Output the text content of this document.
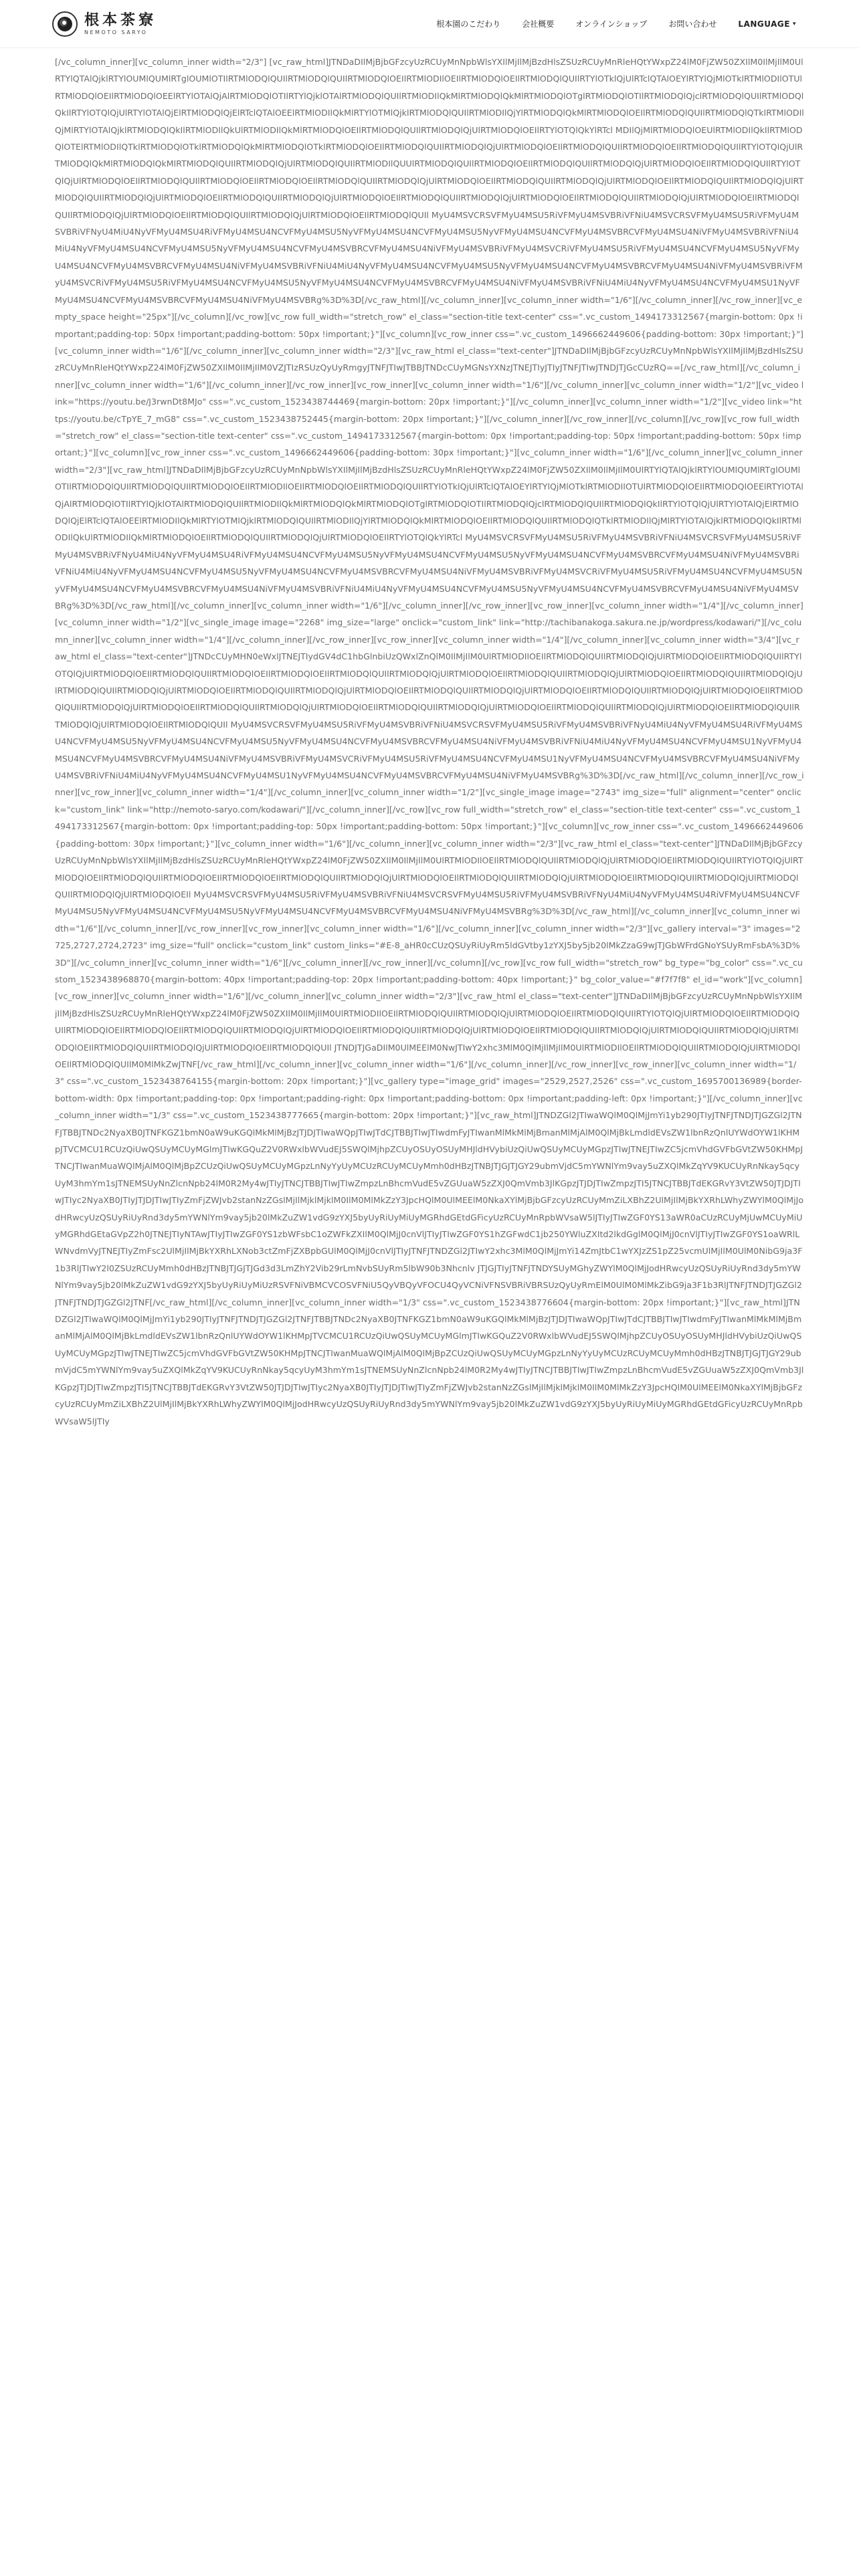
根本茶寮
NEMOTO SARYO
根本園のこだわり	会社概要	オンラインショップ	お問い合わせ	LANGUAGE ▾
[/vc_column_inner][vc_column_inner width="2/3"] [vc_raw_html]JTNDaDIlMjBjbGFzcyUzRCUyMnNpbWlsYXIlMjIlMjBzdHlsZSUzRCUyMnRleHQtYWxpZ24lM0FjZW50ZXIlM0IlMjIlM0UlRTYlQTAlQjklRTYlOUMlQUMlRTglOUMlOTIlRTMlODQlQUIlRTMlODQlQUIlRTMlODQlOEIlRTMlODIlOEIlRTMlODQlOEIlRTMlODQlQUIlRTYlOTklQjUlRTclQTAlOEYlRTYlQjMlOTklRTMlODIlOTUlRTMlODQlOEIlRTMlODQlOEElRTYlOTAlQjAlRTMlODQlOTIlRTYlQjklOTAlRTMlODQlQUIlRTMlODIlQkMlRTMlODQlQkMlRTMlODQlOTglRTMlODQlOTIlRTMlODQlQjclRTMlODQlQUIlRTMlODQlQkIlRTYlOTQlQjUlRTYlOTAlQjElRTMlODQlQjElRTclQTAlOEElRTMlODIlQkMlRTYlOTMlQjklRTMlODQlQUIlRTMlODIlQjYlRTMlODQlQkMlRTMlODQlOEIlRTMlODQlQUIlRTMlODQlQTklRTMlODIlQjMlRTYlOTAlQjklRTMlODQlQkIlRTMlODIlQkUlRTMlODIlQkMlRTMlODQlOEIlRTMlODQlQUIlRTMlODQlQjUlRTMlODQlOEIlRTYlOTQlQkYlRTcl MDIlQjMlRTMlODQlOEUlRTMlODIlQkIlRTMlODQlOTElRTMlODIlQTklRTMlODQlOTklRTMlODQlQkMlRTMlODQlOTklRTMlODQlOEIlRTMlODQlQUIlRTMlODQlQjUlRTMlODQlOEIlRTMlODQlQUIlRTMlODQlOEIlRTMlODQlQUIlRTYlOTQlQjUlRTMlODQlQkMlRTMlODQlQkMlRTMlODQlQUIlRTMlODQlQjUlRTMlODQlQUIlRTMlODIlQUUlRTMlODQlQUIlRTMlODQlOEIlRTMlODQlQUIlRTMlODQlQjUlRTMlODQlOEIlRTMlODQlQUIlRTYlOTQlQjUlRTMlODQlOEIlRTMlODQlQUIlRTMlODQlOEIlRTMlODQlOEIlRTMlODQlQUIlRTMlODQlQjUlRTMlODQlOEIlRTMlODQlQUIlRTMlODQlQjUlRTMlODQlOEIlRTMlODQlQUIlRTMlODQlQjUlRTMlODQlQUIlRTMlODQlQjUlRTMlODQlOEIlRTMlODQlQUIlRTMlODQlQjUlRTMlODQlOEIlRTMlODQlQUIlRTMlODQlQjUlRTMlODQlOEIlRTMlODQlQUIlRTMlODQlQjUlRTMlODQlOEIlRTMlODQlQUIlRTMlODQlQjUlRTMlODQlOEIlRTMlODQlQUIlRTMlODQlQjUlRTMlODQlOEIlRTMlODQlQUIl MyU4MSVCRSVFMyU4MSU5RiVFMyU4MSVBRiVFNiU4MSVCRSVFMyU4MSU5RiVFMyU4MSVBRiVFNyU4MiU4NyVFMyU4MSU4RiVFMyU4MSU4NCVFMyU4MSU5NyVFMyU4MSU4NCVFMyU4MSU5NyVFMyU4MSU4NCVFMyU4MSVBRCVFMyU4MSU4NiVFMyU4MSVBRiVFNiU4MiU4NyVFMyU4MSU4NCVFMyU4MSU5NyVFMyU4MSU4NCVFMyU4MSVBRCVFMyU4MSU4NiVFMyU4MSVBRiVFMyU4MSVCRiVFMyU4MSU5RiVFMyU4MSU4NCVFMyU4MSU5NyVFMyU4MSU4NCVFMyU4MSVBRCVFMyU4MSU4NiVFMyU4MSVBRiVFNiU4MiU4NyVFMyU4MSU4NCVFMyU4MSU5NyVFMyU4MSU4NCVFMyU4MSVBRCVFMyU4MSU4NiVFMyU4MSVBRiVFMyU4MSVCRiVFMyU4MSU5RiVFMyU4MSU4NCVFMyU4MSU5NyVFMyU4MSU4NCVFMyU4MSVBRCVFMyU4MSU4NiVFMyU4MSVBRiVFNiU4MiU4NyVFMyU4MSU4NCVFMyU4MSU1NyVFMyU4MSU4NCVFMyU4MSVBRCVFMyU4MSU4NiVFMyU4MSVBRg%3D%3D[/vc_raw_html][/vc_column_inner][vc_column_inner width="1/6"][/vc_column_inner][/vc_row_inner][vc_empty_space height="25px"][/vc_column][/vc_row][vc_row full_width="stretch_row" el_class="section-title text-center" css=".vc_custom_1494173312567{margin-bottom: 0px !important;padding-top: 50px !important;padding-bottom: 50px !important;}"][vc_column][vc_row_inner css=".vc_custom_1496662449606{padding-bottom: 30px !important;}"][vc_column_inner width="1/6"][/vc_column_inner][vc_column_inner width="2/3"][vc_raw_html el_class="text-center"]JTNDaDIlMjBjbGFzcyUzRCUyMnNpbWlsYXIlMjIlMjBzdHlsZSUzRCUyMnRleHQtYWxpZ24lM0FjZW50ZXIlM0IlMjIlM0VZJTIzRSUzQyUyRmgyJTNFJTIwJTBBJTNDcCUyMGNsYXNzJTNEJTIyJTIyJTNFJTIwJTNDJTJGcCUzRQ==[/vc_raw_html][/vc_column_inner][vc_column_inner width="1/6"][/vc_column_inner][/vc_row_inner][vc_row_inner][vc_column_inner width="1/6"][/vc_column_inner][vc_column_inner width="1/2"][vc_video link="https://youtu.be/J3rwnDt8MJo" css=".vc_custom_1523438744469{margin-bottom: 20px !important;}"][/vc_column_inner][vc_column_inner width="1/2"][vc_video link="https://youtu.be/cTpYE_7_mG8" css=".vc_custom_1523438752445{margin-bottom: 20px !important;}"][/vc_column_inner][/vc_row_inner][/vc_column][/vc_row][vc_row full_width="stretch_row" el_class="section-title text-center" css=".vc_custom_1494173312567{margin-bottom: 0px !important;padding-top: 50px !important;padding-bottom: 50px !important;}"][vc_column][vc_row_inner css=".vc_custom_1496662449606{padding-bottom: 30px !important;}"][vc_column_inner width="1/6"][/vc_column_inner][vc_column_inner width="2/3"][vc_raw_html]JTNDaDIlMjBjbGFzcyUzRCUyMnNpbWlsYXIlMjIlMjBzdHlsZSUzRCUyMnRleHQtYWxpZ24lM0FjZW50ZXIlM0IlMjIlM0UlRTYlQTAlQjklRTYlOUMlQUMlRTglOUMlOTIlRTMlODQlQUIlRTMlODQlQUIlRTMlODQlOEIlRTMlODIlOEIlRTMlODQlOEIlRTMlODQlQUIlRTYlOTklQjUlRTclQTAlOEYlRTYlQjMlOTklRTMlODIlOTUlRTMlODQlOEIlRTMlODQlOEElRTYlOTAlQjAlRTMlODQlOTIlRTYlQjklOTAlRTMlODQlQUIlRTMlODIlQkMlRTMlODQlQkMlRTMlODQlOTglRTMlODQlOTIlRTMlODQlQjclRTMlODQlQUIlRTMlODQlQkIlRTYlOTQlQjUlRTYlOTAlQjElRTMlODQlQjElRTclQTAlOEElRTMlODIlQkMlRTYlOTMlQjklRTMlODQlQUIlRTMlODIlQjYlRTMlODQlQkMlRTMlODQlOEIlRTMlODQlQUIlRTMlODQlQTklRTMlODIlQjMlRTYlOTAlQjklRTMlODQlQkIlRTMlODIlQkUlRTMlODIlQkMlRTMlODQlOEIlRTMlODQlQUIlRTMlODQlQjUlRTMlODQlOEIlRTYlOTQlQkYlRTcl MyU4MSVCRSVFMyU4MSU5RiVFMyU4MSVBRiVFNiU4MSVCRSVFMyU4MSU5RiVFMyU4MSVBRiVFNyU4MiU4NyVFMyU4MSU4RiVFMyU4MSU4NCVFMyU4MSU5NyVFMyU4MSU4NCVFMyU4MSU5NyVFMyU4MSU4NCVFMyU4MSVBRCVFMyU4MSU4NiVFMyU4MSVBRiVFNiU4MiU4NyVFMyU4MSU4NCVFMyU4MSU5NyVFMyU4MSU4NCVFMyU4MSVBRCVFMyU4MSU4NiVFMyU4MSVBRiVFMyU4MSVCRiVFMyU4MSU5RiVFMyU4MSU4NCVFMyU4MSU5NyVFMyU4MSU4NCVFMyU4MSVBRCVFMyU4MSU4NiVFMyU4MSVBRiVFNiU4MiU4NyVFMyU4MSU4NCVFMyU4MSU5NyVFMyU4MSU4NCVFMyU4MSVBRCVFMyU4MSU4NiVFMyU4MSVBRg%3D%3D[/vc_raw_html][/vc_column_inner][vc_column_inner width="1/6"][/vc_column_inner][/vc_row_inner][vc_row_inner][vc_column_inner width="1/4"][/vc_column_inner][vc_column_inner width="1/2"][vc_single_image image="2268" img_size="large" onclick="custom_link" link="http://tachibanakoga.sakura.ne.jp/wordpress/kodawari/"][/vc_column_inner][vc_column_inner width="1/4"][/vc_column_inner][/vc_row_inner][vc_row_inner][vc_column_inner width="1/4"][/vc_column_inner][vc_column_inner width="3/4"][vc_raw_html el_class="text-center"]JTNDcCUyMHN0eWxlJTNEJTIydGV4dC1hbGlnbiUzQWxlZnQlM0IlMjIlM0UlRTMlODIlOEIlRTMlODQlQUIlRTMlODQlQjUlRTMlODQlOEIlRTMlODQlQUIlRTYlOTQlQjUlRTMlODQlOEIlRTMlODQlQUIlRTMlODQlOEIlRTMlODQlOEIlRTMlODQlQUIlRTMlODQlQjUlRTMlODQlOEIlRTMlODQlQUIlRTMlODQlQjUlRTMlODQlOEIlRTMlODQlQUIlRTMlODQlQjUlRTMlODQlQUIlRTMlODQlQjUlRTMlODQlOEIlRTMlODQlQUIlRTMlODQlQjUlRTMlODQlOEIlRTMlODQlQUIlRTMlODQlQjUlRTMlODQlOEIlRTMlODQlQUIlRTMlODQlQjUlRTMlODQlOEIlRTMlODQlQUIlRTMlODQlQjUlRTMlODQlOEIlRTMlODQlQUIlRTMlODQlQjUlRTMlODQlOEIlRTMlODQlQUIlRTMlODQlQjUlRTMlODQlOEIlRTMlODQlQUIlRTMlODQlQjUlRTMlODQlOEIlRTMlODQlQUIlRTMlODQlQjUlRTMlODQlOEIlRTMlODQlQUIl MyU4MSVCRSVFMyU4MSU5RiVFMyU4MSVBRiVFNiU4MSVCRSVFMyU4MSU5RiVFMyU4MSVBRiVFNyU4MiU4NyVFMyU4MSU4RiVFMyU4MSU4NCVFMyU4MSU5NyVFMyU4MSU4NCVFMyU4MSU5NyVFMyU4MSU4NCVFMyU4MSVBRCVFMyU4MSU4NiVFMyU4MSVBRiVFNiU4MiU4NyVFMyU4MSU4NCVFMyU4MSU1NyVFMyU4MSU4NCVFMyU4MSVBRCVFMyU4MSU4NiVFMyU4MSVBRiVFMyU4MSVCRiVFMyU4MSU5RiVFMyU4MSU4NCVFMyU4MSU1NyVFMyU4MSU4NCVFMyU4MSVBRCVFMyU4MSU4NiVFMyU4MSVBRiVFNiU4MiU4NyVFMyU4MSU4NCVFMyU4MSU1NyVFMyU4MSU4NCVFMyU4MSVBRCVFMyU4MSU4NiVFMyU4MSVBRg%3D%3D[/vc_raw_html][/vc_column_inner][/vc_row_inner][vc_row_inner][vc_column_inner width="1/4"][/vc_column_inner][vc_column_inner width="1/2"][vc_single_image image="2743" img_size="full" alignment="center" onclick="custom_link" link="http://nemoto-saryo.com/kodawari/"][/vc_column_inner][/vc_row][vc_row full_width="stretch_row" el_class="section-title text-center" css=".vc_custom_1494173312567{margin-bottom: 0px !important;padding-top: 50px !important;padding-bottom: 50px !important;}"][vc_column][vc_row_inner css=".vc_custom_1496662449606{padding-bottom: 30px !important;}"][vc_column_inner width="1/6"][/vc_column_inner][vc_column_inner width="2/3"][vc_raw_html el_class="text-center"]JTNDaDIlMjBjbGFzcyUzRCUyMnNpbWlsYXIlMjIlMjBzdHlsZSUzRCUyMnRleHQtYWxpZ24lM0FjZW50ZXIlM0IlMjIlM0UlRTMlODIlOEIlRTMlODQlQUIlRTMlODQlQjUlRTMlODQlOEIlRTMlODQlQUIlRTYlOTQlQjUlRTMlODQlOEIlRTMlODQlQUIlRTMlODQlOEIlRTMlODQlOEIlRTMlODQlQUIlRTMlODQlQjUlRTMlODQlOEIlRTMlODQlQUIlRTMlODQlQjUlRTMlODQlOEIlRTMlODQlQUIlRTMlODQlQjUlRTMlODQlQUIlRTMlODQlQjUlRTMlODQlOEIl MyU4MSVCRSVFMyU4MSU5RiVFMyU4MSVBRiVFNiU4MSVCRSVFMyU4MSU5RiVFMyU4MSVBRiVFNyU4MiU4NyVFMyU4MSU4RiVFMyU4MSU4NCVFMyU4MSU5NyVFMyU4MSU4NCVFMyU4MSU5NyVFMyU4MSU4NCVFMyU4MSVBRCVFMyU4MSU4NiVFMyU4MSVBRg%3D%3D[/vc_raw_html][/vc_column_inner][vc_column_inner width="1/6"][/vc_column_inner][/vc_row_inner][vc_row_inner][vc_column_inner width="1/6"][/vc_column_inner][vc_column_inner width="2/3"][vc_gallery interval="3" images="2725,2727,2724,2723" img_size="full" onclick="custom_link" custom_links="#E-8_aHR0cCUzQSUyRiUyRm5ldGVtby1zYXJ5by5jb20lMkZzaG9wJTJGbWFrdGNoYSUyRmFsbA%3D%3D"][/vc_column_inner][vc_column_inner width="1/6"][/vc_column_inner][/vc_row_inner][/vc_column][/vc_row][vc_row full_width="stretch_row" bg_type="bg_color" css=".vc_custom_1523438968870{margin-bottom: 40px !important;padding-top: 20px !important;padding-bottom: 40px !important;}" bg_color_value="#f7f7f8" el_id="work"][vc_column][vc_row_inner][vc_column_inner width="1/6"][/vc_column_inner][vc_column_inner width="2/3"][vc_raw_html el_class="text-center"]JTNDaDIlMjBjbGFzcyUzRCUyMnNpbWlsYXIlMjIlMjBzdHlsZSUzRCUyMnRleHQtYWxpZ24lM0FjZW50ZXIlM0IlMjIlM0UlRTMlODIlOEIlRTMlODQlQUIlRTMlODQlQjUlRTMlODQlOEIlRTMlODQlQUIlRTYlOTQlQjUlRTMlODQlOEIlRTMlODQlQUIlRTMlODQlOEIlRTMlODQlOEIlRTMlODQlQUIlRTMlODQlQjUlRTMlODQlOEIlRTMlODQlQUIlRTMlODQlQjUlRTMlODQlOEIlRTMlODQlQUIlRTMlODQlQjUlRTMlODQlQUIlRTMlODQlQjUlRTMlODQlOEIlRTMlODQlQUIlRTMlODQlQjUlRTMlODQlOEIlRTMlODQlQUIl JTNDJTJGaDIlM0UlMEElM0NwJTIwY2xhc3MlM0QlMjIlMjIlM0UlRTMlODIlOEIlRTMlODQlQUIlRTMlODQlQjUlRTMlODQlOEIlRTMlODQlQUIlM0MlMkZwJTNF[/vc_raw_html][/vc_column_inner][vc_column_inner width="1/6"][/vc_column_inner][/vc_row_inner][vc_row_inner][vc_column_inner width="1/3" css=".vc_custom_1523438764155{margin-bottom: 20px !important;}"][vc_gallery type="image_grid" images="2529,2527,2526" css=".vc_custom_1695700136989{border-bottom-width: 0px !important;padding-top: 0px !important;padding-right: 0px !important;padding-bottom: 0px !important;padding-left: 0px !important;}"][/vc_column_inner][vc_column_inner width="1/3" css=".vc_custom_1523438777665{margin-bottom: 20px !important;}"][vc_raw_html]JTNDZGl2JTIwaWQlM0QlMjJmYi1yb290JTIyJTNFJTNDJTJGZGl2JTNFJTBBJTNDc2NyaXB0JTNFKGZ1bmN0aW9uKGQlMkMlMjBzJTJDJTIwaWQpJTIwJTdCJTBBJTIwJTIwdmFyJTIwanMlMkMlMjBmanMlMjAlM0QlMjBkLmdldEVsZW1lbnRzQnlUYWdOYW1lKHMpJTVCMCU1RCUzQiUwQSUyMCUyMGlmJTIwKGQuZ2V0RWxlbWVudEJ5SWQlMjhpZCUyOSUyOSUyMHJldHVybiUzQiUwQSUyMCUyMGpzJTIwJTNEJTIwZC5jcmVhdGVFbGVtZW50KHMpJTNCJTIwanMuaWQlMjAlM0QlMjBpZCUzQiUwQSUyMCUyMGpzLnNyYyUyMCUzRCUyMCUyMmh0dHBzJTNBJTJGJTJGY29ubmVjdC5mYWNlYm9vay5uZXQlMkZqYV9KUCUyRnNkay5qcyUyM3hmYm1sJTNEMSUyNnZlcnNpb24lM0R2My4wJTIyJTNCJTBBJTIwJTIwZmpzLnBhcmVudE5vZGUuaW5zZXJ0QmVmb3JlKGpzJTJDJTIwZmpzJTI5JTNCJTBBJTdEKGRvY3VtZW50JTJDJTIwJTIyc2NyaXB0JTIyJTJDJTIwJTIyZmFjZWJvb2stanNzZGslMjIlMjklMjklM0IlM0MlMkZzY3JpcHQlM0UlMEElM0NkaXYlMjBjbGFzcyUzRCUyMmZiLXBhZ2UlMjIlMjBkYXRhLWhyZWYlM0QlMjJodHRwcyUzQSUyRiUyRnd3dy5mYWNlYm9vay5jb20lMkZuZW1vdG9zYXJ5byUyRiUyMiUyMGRhdGEtdGFicyUzRCUyMnRpbWVsaW5lJTIyJTIwZGF0YS13aWR0aCUzRCUyMjUwMCUyMiUyMGRhdGEtaGVpZ2h0JTNEJTIyNTAwJTIyJTIwZGF0YS1zbWFsbC1oZWFkZXIlM0QlMjJ0cnVlJTIyJTIwZGF0YS1hZGFwdC1jb250YWluZXItd2lkdGglM0QlMjJ0cnVlJTIyJTIwZGF0YS1oaWRlLWNvdmVyJTNEJTIyZmFsc2UlMjIlMjBkYXRhLXNob3ctZmFjZXBpbGUlM0QlMjJ0cnVlJTIyJTNFJTNDZGl2JTIwY2xhc3MlM0QlMjJmYi14ZmJtbC1wYXJzZS1pZ25vcmUlMjIlM0UlM0NibG9ja3F1b3RlJTIwY2l0ZSUzRCUyMmh0dHBzJTNBJTJGJTJGd3d3LmZhY2Vib29rLmNvbSUyRm5lbW90b3Nhcnlv JTJGJTIyJTNFJTNDYSUyMGhyZWYlM0QlMjJodHRwcyUzQSUyRiUyRnd3dy5mYWNlYm9vay5jb20lMkZuZW1vdG9zYXJ5byUyRiUyMiUzRSVFNiVBMCVCOSVFNiU5QyVBQyVFOCU4QyVCNiVFNSVBRiVBRSUzQyUyRmElM0UlM0MlMkZibG9ja3F1b3RlJTNFJTNDJTJGZGl2JTNFJTNDJTJGZGl2JTNF[/vc_raw_html][/vc_column_inner][vc_column_inner width="1/3" css=".vc_custom_1523438776604{margin-bottom: 20px !important;}"][vc_raw_html]JTNDZGl2JTIwaWQlM0QlMjJmYi1yb290JTIyJTNFJTNDJTJGZGl2JTNFJTBBJTNDc2NyaXB0JTNFKGZ1bmN0aW9uKGQlMkMlMjBzJTJDJTIwaWQpJTIwJTdCJTBBJTIwJTIwdmFyJTIwanMlMkMlMjBmanMlMjAlM0QlMjBkLmdldEVsZW1lbnRzQnlUYWdOYW1lKHMpJTVCMCU1RCUzQiUwQSUyMCUyMGlmJTIwKGQuZ2V0RWxlbWVudEJ5SWQlMjhpZCUyOSUyOSUyMHJldHVybiUzQiUwQSUyMCUyMGpzJTIwJTNEJTIwZC5jcmVhdGVFbGVtZW50KHMpJTNCJTIwanMuaWQlMjAlM0QlMjBpZCUzQiUwQSUyMCUyMGpzLnNyYyUyMCUzRCUyMCUyMmh0dHBzJTNBJTJGJTJGY29ubmVjdC5mYWNlYm9vay5uZXQlMkZqYV9KUCUyRnNkay5qcyUyM3hmYm1sJTNEMSUyNnZlcnNpb24lM0R2My4wJTIyJTNCJTBBJTIwJTIwZmpzLnBhcmVudE5vZGUuaW5zZXJ0QmVmb3JlKGpzJTJDJTIwZmpzJTI5JTNCJTBBJTdEKGRvY3VtZW50JTJDJTIwJTIyc2NyaXB0JTIyJTJDJTIwJTIyZmFjZWJvb2stanNzZGslMjIlMjklMjklM0IlM0MlMkZzY3JpcHQlM0UlMEElM0NkaXYlMjBjbGFzcyUzRCUyMmZiLXBhZ2UlMjIlMjBkYXRhLWhyZWYlM0QlMjJodHRwcyUzQSUyRiUyRnd3dy5mYWNlYm9vay5jb20lMkZuZW1vdG9zYXJ5byUyRiUyMiUyMGRhdGEtdGFicyUzRCUyMnRpbWVsaW5lJTIy
